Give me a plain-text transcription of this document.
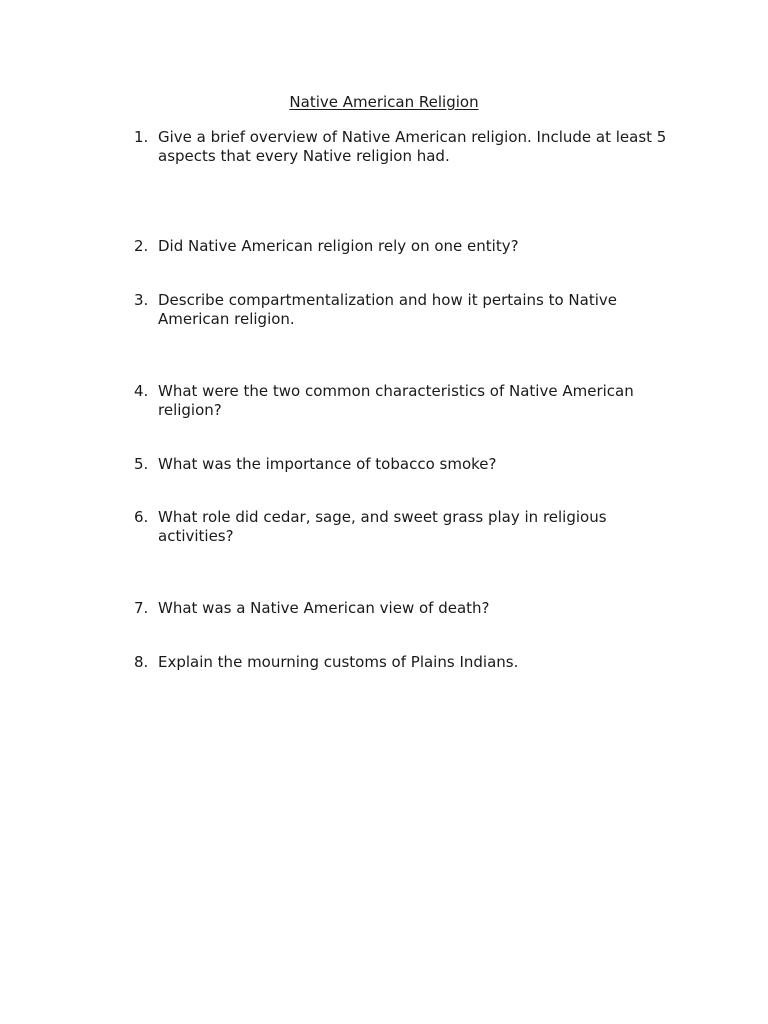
Native American Religion
1. Give a brief overview of Native American religion. Include at least 5 aspects that every Native religion had.
2. Did Native American religion rely on one entity?
3. Describe compartmentalization and how it pertains to Native American religion.
4. What were the two common characteristics of Native American religion?
5. What was the importance of tobacco smoke?
6. What role did cedar, sage, and sweet grass play in religious activities?
7. What was a Native American view of death?
8. Explain the mourning customs of Plains Indians.
